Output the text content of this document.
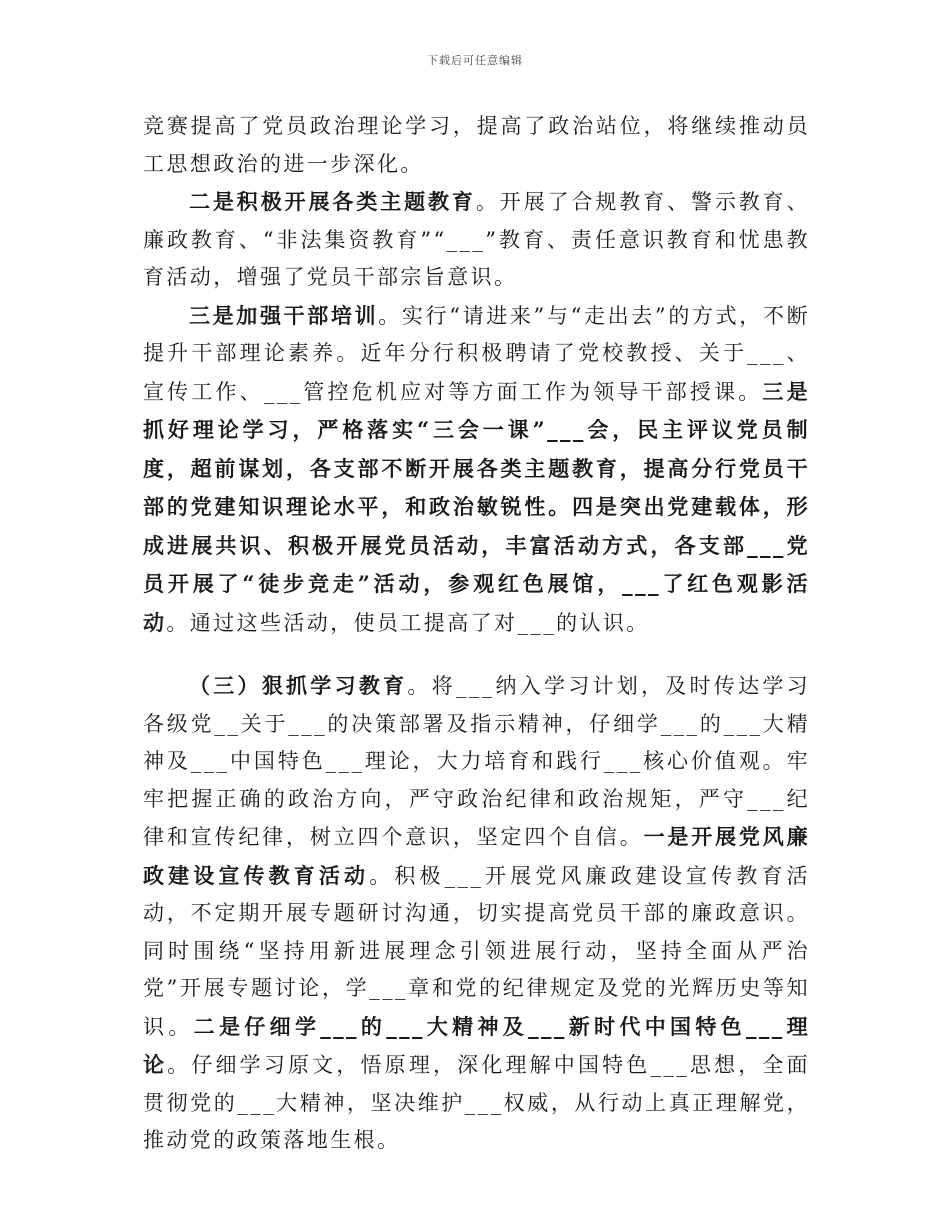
下载后可任意编辑

竞赛提高了党员政治理论学习，提高了政治站位，将继续推动员工思想政治的进一步深化。

二是积极开展各类主题教育。开展了合规教育、警示教育、廉政教育、“非法集资教育”“___”教育、责任意识教育和忧患教育活动，增强了党员干部宗旨意识。

三是加强干部培训。实行“请进来”与“走出去”的方式，不断提升干部理论素养。近年分行积极聘请了党校教授、关于___、宣传工作、___管控危机应对等方面工作为领导干部授课。三是抓好理论学习，严格落实“三会一课”___会，民主评议党员制度，超前谋划，各支部不断开展各类主题教育，提高分行党员干部的党建知识理论水平，和政治敏锐性。四是突出党建载体，形成进展共识、积极开展党员活动，丰富活动方式，各支部___党员开展了“徒步竞走”活动，参观红色展馆，___了红色观影活动。通过这些活动，使员工提高了对___的认识。

（三）狠抓学习教育。将___纳入学习计划，及时传达学习各级党__关于___的决策部署及指示精神，仔细学___的___大精神及___中国特色___理论，大力培育和践行___核心价值观。牢牢把握正确的政治方向，严守政治纪律和政治规矩，严守___纪律和宣传纪律，树立四个意识，坚定四个自信。一是开展党风廉政建设宣传教育活动。积极___开展党风廉政建设宣传教育活动，不定期开展专题研讨沟通，切实提高党员干部的廉政意识。同时围绕“坚持用新进展理念引领进展行动，坚持全面从严治党”开展专题讨论，学___章和党的纪律规定及党的光辉历史等知识。二是仔细学___的___大精神及___新时代中国特色___理论。仔细学习原文，悟原理，深化理解中国特色___思想，全面贯彻党的___大精神，坚决维护___权威，从行动上真正理解党，推动党的政策落地生根。
